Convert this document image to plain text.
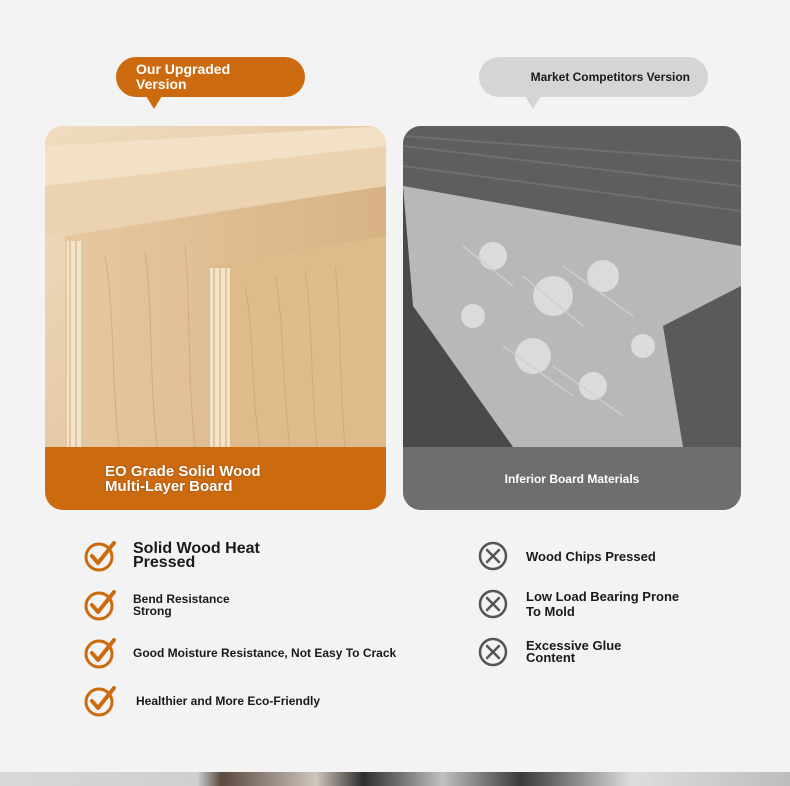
Our Upgraded Version	Market Competitors Version
EO Grade Solid Wood Multi-Layer Board	Inferior Board Materials
Solid Wood Heat Pressed
Bend Resistance Strong
Good Moisture Resistance, Not Easy To Crack
Healthier and More Eco-Friendly
Wood Chips Pressed
Low Load Bearing Prone To Mold
Excessive Glue Content
